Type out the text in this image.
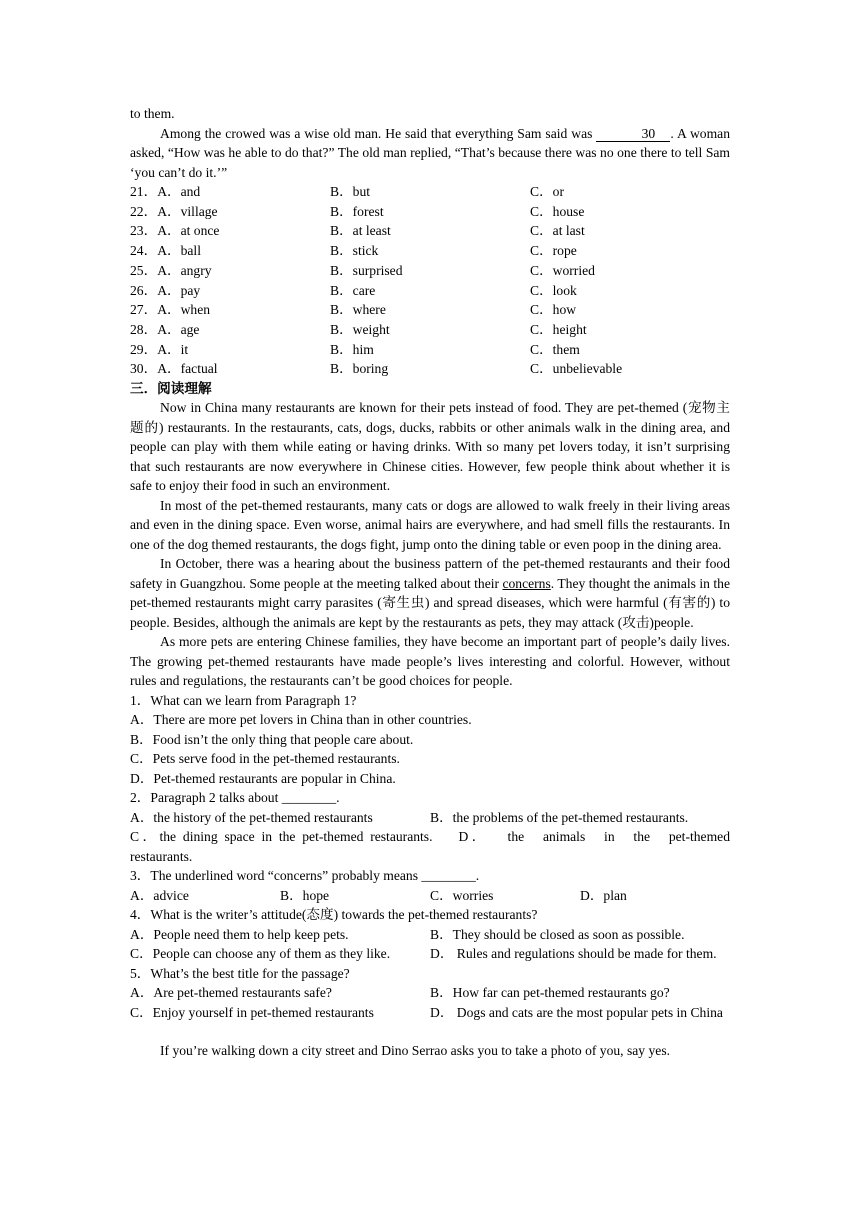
to them.

Among the crowed was a wise old man. He said that everything Sam said was	30 . A woman asked, “How was he able to do that?” The old man replied, “That’s because there was no one there to tell Sam ‘you can’t do it.’”

21．A．and	B．but	C．or
22．A．village	B．forest	C．house
23．A．at once	B．at least	C．at last
24．A．ball	B．stick	C．rope
25．A．angry	B．surprised	C．worried
26．A．pay	B．care	C．look
27．A．when	B．where	C．how
28．A．age	B．weight	C．height
29．A．it	B．him	C．them
30．A．factual	B．boring	C．unbelievable

三．阅读理解

Now in China many restaurants are known for their pets instead of food. They are pet-themed (宠物主题的) restaurants. In the restaurants, cats, dogs, ducks, rabbits or other animals walk in the dining area, and people can play with them while eating or having drinks. With so many pet lovers today, it isn’t surprising that such restaurants are now everywhere in Chinese cities. However, few people think about whether it is safe to enjoy their food in such an environment.

In most of the pet-themed restaurants, many cats or dogs are allowed to walk freely in their living areas and even in the dining space. Even worse, animal hairs are everywhere, and had smell fills the restaurants. In one of the dog themed restaurants, the dogs fight, jump onto the dining table or even poop in the dining area.

In October, there was a hearing about the business pattern of the pet-themed restaurants and their food safety in Guangzhou. Some people at the meeting talked about their concerns. They thought the animals in the pet-themed restaurants might carry parasites (寄生虫) and spread diseases, which were harmful (有害的) to people. Besides, although the animals are kept by the restaurants as pets, they may attack (攻击)people.

As more pets are entering Chinese families, they have become an important part of people’s daily lives. The growing pet-themed restaurants have made people’s lives interesting and colorful. However, without rules and regulations, the restaurants can’t be good choices for people.

1．What can we learn from Paragraph 1?

A．There are more pet lovers in China than in other countries.

B．Food isn’t the only thing that people care about.

C．Pets serve food in the pet-themed restaurants.

D．Pet-themed restaurants are popular in China.

2．Paragraph 2 talks about ________.

A．the history of the pet-themed restaurants	B．the problems of the pet-themed restaurants.

C．the dining space in the pet-themed restaurants. D． the animals in the pet-themed restaurants.

3．The underlined word “concerns” probably means ________.

A．advice	B．hope	C．worries	D．plan

4．What is the writer’s attitude(态度) towards the pet-themed restaurants?

A．People need them to help keep pets.	B．They should be closed as soon as possible.
C．People can choose any of them as they like.	D． Rules and regulations should be made for them.

5．What’s the best title for the passage?

A．Are pet-themed restaurants safe?	B．How far can pet-themed restaurants go?
C．Enjoy yourself in pet-themed restaurants	D． Dogs and cats are the most popular pets in China

If you’re walking down a city street and Dino Serrao asks you to take a photo of you, say yes.
